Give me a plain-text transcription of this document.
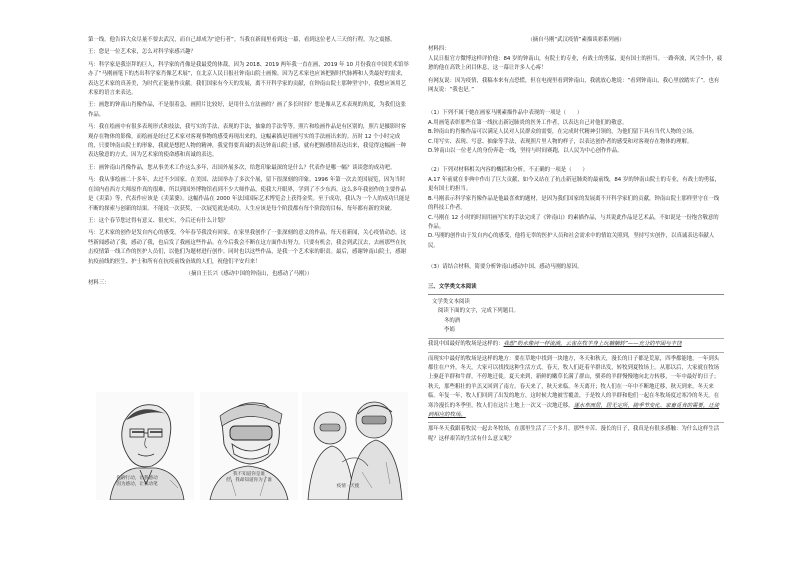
第一线。他告诉大众尽量不要去武汉，而自己却成为“逆行者”。当我在新闻里看到这一幕，看到这位老人三天的行程，为之震撼。

王：您是一位艺术家，怎么对科学家感兴趣？

马：科学家是我崇拜的巨人，科学家的肖像是我最爱的体裁。因为 2018、2019 两年我一直在画，2019 年 10 月份我在中国美术馆举办了“马刚画笔下的杰出科学家肖像艺术展”，在北京人民日报社钟南山院士画像。因为艺术家也应该把握时代脉搏和人类最好的需求，表达艺术家的真善美，为时代正能量作贡献。我们国家有今天的发展，离不开科学家的贡献，在钟南山院士那种坚守中，我想应该用艺术家的语言来表达。

王：画您的钟南山肖像作品，不是很着急，画照片比较好，是用什么方法画的？画了多长时间？您是像从艺术表现的角度，为我们这张作品。

马：我在绘画中有很多表现形式和技法，我写实的手法，表现的手法，抽象的手法等等。照片和绘画作品是有区别的，照片是摄影时客观存在物体的影像，而绘画是经过艺术家对客观事物的感受再现出来的，这幅素描是用画写实的手法画出来的。历时 12 个小时完成的，只要钟南山院士的形象，我就是想把人物的精神，我觉得要真诚的表达钟南山院士感，就有把握感情表达出来，我觉得这幅画一种表达敬意的方式。因为艺术家的使命感和真诚的表达。

王：画钟南山肖像作品，您从事美术工作这么多年，出国外展多次，给您印象最深的是什么？代表作是哪一幅？谈谈您的成功吧。

马：我从事绘画二十多年，去过不少国家。在美国、法国举办了多次个展，留下很深刻的印象。1996 年第一次去美国展览，因为当时在国内看西方大师原作真的很难，所以到国外博物馆看到不少大师作品，使我大开眼界，学到了不少东西。这么多年我创作的主要作品是《卖菜》等，代表作应该是《卖菜婆》。这幅作品在 2000 年法国国际艺术博览会上获得金奖。至于成功，我认为一个人的成功只能是不断的探索与创新的结果。不能说一次获奖，一次展览就是成功。人生应该是每个阶段都有每个阶段的目标，每年都有新的突破。

王：这个春节您过得有意义、很充实，今后还有什么计划？

马：艺术家的创作是发自内心的感受。今年春节我没有回家，在家里我创作了一张深刻的意义的作品，每天看新闻，关心疫情动态。这些新闻感动了我，感动了我，也启发了我画这些作品。在今后我会不断在这方面作出努力。只要有机会，我会到武汉去，去画那些在抗击疫情第一线工作的医护人员们，以他们为题材进行创作。同时也以这些作品，是我一个艺术家的职责。最后，感谢钟南山院士，感谢抗疫前线的医生、护士和所有在抗疫前线奋战的人们，祝他们平安归来！

（摘自王长兴《感动中国的钟南山，也感动了马刚》）

材料三：

你的行动，让我感动
因为感动，让我动笔
我不知道你是谁
但，我却知道你为了谁
疫情 · 天使

（摘自马刚“武汉疫情”素描谈彩系列画）

材料四：

人民日报官方微博这样评价他：84 岁的钟南山，有院士的专业，有战士的勇猛，更有国士的担当。一路奔波，风尘仆仆，疲惫的他在高铁上闭目休息，这一幕让许多人心疼！

有网友说：因为疫情，我稿本来有点恐慌，但在电视里看到钟南山，我就放心地说：“看到钟南山，我心里放踏实了”。也有网友说：“我也是。”

（1）下列不属于她在画家马刚素描作品中表现的一项是（　　）

A.用画笔表彰那些在第一线抗击新冠肺炎的医务工作者，以表达自己对他们的敬意。

B.钟南山的肖像作品可以满足人民对人民群众的需要，在完成时代精神引领的，为他们留下具有当代人物的立场。

C.用写实、表现、写意、抽象等手法，表现照片里人物的样子，以表达创作者的感受和对客观存在物体的理解。

D.钟南山以一位老人的身份奔赴一线，坚持与时间赛跑，以人民为中心创作作品。

（2）下列对材料相关内容的概括和分析，不正确的一项是（　　）

A.17 年前就在非典中作出了巨大贡献，如今又站在了抗击新冠肺炎的最前线，84 岁的钟南山院士的专业，有战士的勇猛，更有国士的担当。

B.马刚表示科学家肖像作品是他最喜欢的题材，是因为我们国家的发展离不开科学家们的贡献，钟南山院士那样坚守在一线的科技工作者。

C.马刚在 12 小时的时间用画写实的手法完成了《钟南山》的素描作品，与其说此作品是艺术品，不如说是一份饱含敬意的作品。

D.马刚的创作由于发自内心的感受，他将无辜的医护人员和社会需求中的情谊关照到，坚持写实创作，以真诚表达奉献人民。

（3）请结合材料，简要分析钟南山感动中国、感动马刚的原因。

三、文学类文本阅读

文学类文本阅读

阅读下面的文字，完成下列题目。

冬的酒

李娟

我说中国最好的牧场是这样的：我想“奶水像河一样流淌，云雀在牧羊身上玩躺躺转”——充分的牢固与丰饶

而现实中最好的牧场是这样的地方：要在草地中找到一块地方，冬天和秋天，漫长的日子都是荒原，四季都能地，一年到头都住在户外。冬天，大家可以找找这种生活方式。春天，牧人们赶着羊群出发，转牧到夏牧场上。从那以后，大家就在牧场上驱赶羊群和牛群，不停地迁徙。夏天来到，新鲜的嫩草长满了群山，驯养的羊群慢慢地向北方转移，一年中最好的日子；秋天，那些粗壮的羊羔又回到了南方。春天来了，秋天来临，冬天离开；牧人们在一年中不断地迁移，秋天到来，冬天来临。年复一年，牧人们回到了出发的地方，这时候大地被雪覆盖，于是牧人的羊群和他们一起在冬牧场度过寒冷的冬天。在寒冷漫长的冬季里，牧人们在这片土地上一次又一次地迁移，逐水草而居，居无定所，随季节变化、家畜觅食的需要，迁徙到相应的牧场。

那年冬天我跟着牧民一起去冬牧场，在那里生活了三个多月。那些辛苦、漫长的日子，我真是有很多感触：为什么这样生活呢？这样艰苦的生活有什么意义呢？
